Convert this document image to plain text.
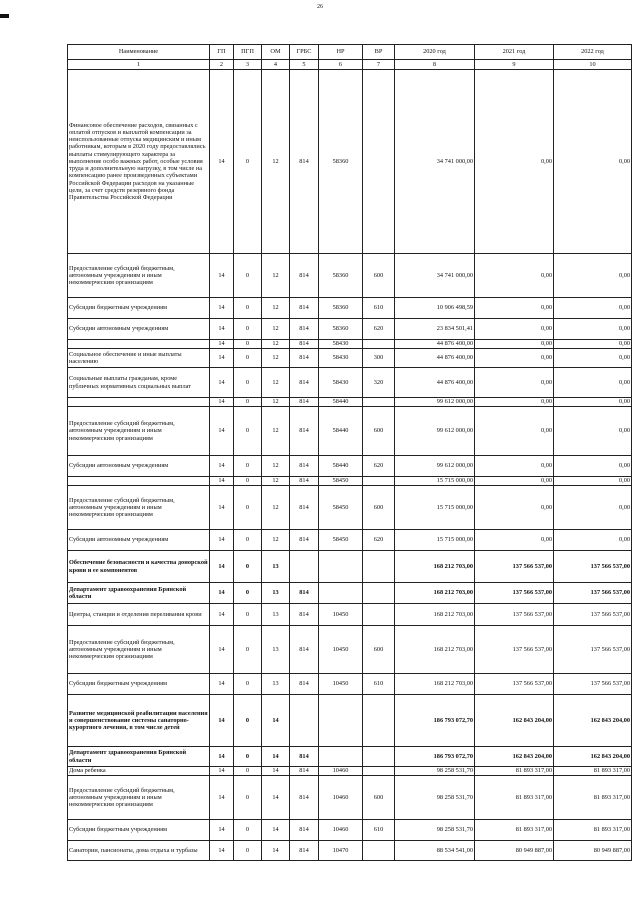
26
Наименование	ГП	ПГП	ОМ	ГРБС	НР	ВР	2020 год	2021 год	2022 год
1	2	3	4	5	6	7	8	9	10
Финансовое обеспечение расходов, связанных с оплатой отпусков и выплатой компенсации за неиспользованные отпуска медицинским и иным работникам, которым в 2020 году предоставлялись выплаты стимулирующего характера за выполнение особо важных работ, особые условия труда и дополнительную нагрузку, в том числе на компенсацию ранее произведенных субъектами Российской Федерации расходов на указанные цели, за счет средств резервного фонда Правительства Российской Федерации	14	0	12	814	58360		34 741 000,00	0,00	0,00
Предоставление субсидий бюджетным, автономным учреждениям и иным некоммерческим организациям	14	0	12	814	58360	600	34 741 000,00	0,00	0,00
Субсидии бюджетным учреждениям	14	0	12	814	58360	610	10 906 498,59	0,00	0,00
Субсидии автономным учреждениям	14	0	12	814	58360	620	23 834 501,41	0,00	0,00
	14	0	12	814	58430		44 876 400,00	0,00	0,00
Социальное обеспечение и иные выплаты населению	14	0	12	814	58430	300	44 876 400,00	0,00	0,00
Социальные выплаты гражданам, кроме публичных нормативных социальных выплат	14	0	12	814	58430	320	44 876 400,00	0,00	0,00
	14	0	12	814	58440		99 612 000,00	0,00	0,00
Предоставление субсидий бюджетным, автономным учреждениям и иным некоммерческим организациям	14	0	12	814	58440	600	99 612 000,00	0,00	0,00
Субсидии автономным учреждениям	14	0	12	814	58440	620	99 612 000,00	0,00	0,00
	14	0	12	814	58450		15 715 000,00	0,00	0,00
Предоставление субсидий бюджетным, автономным учреждениям и иным некоммерческим организациям	14	0	12	814	58450	600	15 715 000,00	0,00	0,00
Субсидии автономным учреждениям	14	0	12	814	58450	620	15 715 000,00	0,00	0,00
Обеспечение безопасности и качества донорской крови и ее компонентов	14	0	13				168 212 703,00	137 566 537,00	137 566 537,00
Департамент здравоохранения Брянской области	14	0	13	814			168 212 703,00	137 566 537,00	137 566 537,00
Центры, станции и отделения переливания крови	14	0	13	814	10450		168 212 703,00	137 566 537,00	137 566 537,00
Предоставление субсидий бюджетным, автономным учреждениям и иным некоммерческим организациям	14	0	13	814	10450	600	168 212 703,00	137 566 537,00	137 566 537,00
Субсидии бюджетным учреждениям	14	0	13	814	10450	610	168 212 703,00	137 566 537,00	137 566 537,00
Развитие медицинской реабилитации населения и совершенствование системы санаторно-курортного лечения, в том числе детей	14	0	14				186 793 072,70	162 843 204,00	162 843 204,00
Департамент здравоохранения Брянской области	14	0	14	814			186 793 072,70	162 843 204,00	162 843 204,00
Дома ребенка	14	0	14	814	10460		98 258 531,70	81 893 317,00	81 893 317,00
Предоставление субсидий бюджетным, автономным учреждениям и иным некоммерческим организациям	14	0	14	814	10460	600	98 258 531,70	81 893 317,00	81 893 317,00
Субсидии бюджетным учреждениям	14	0	14	814	10460	610	98 258 531,70	81 893 317,00	81 893 317,00
Санатории, пансионаты, дома отдыха и турбазы	14	0	14	814	10470		88 534 541,00	80 949 887,00	80 949 887,00
